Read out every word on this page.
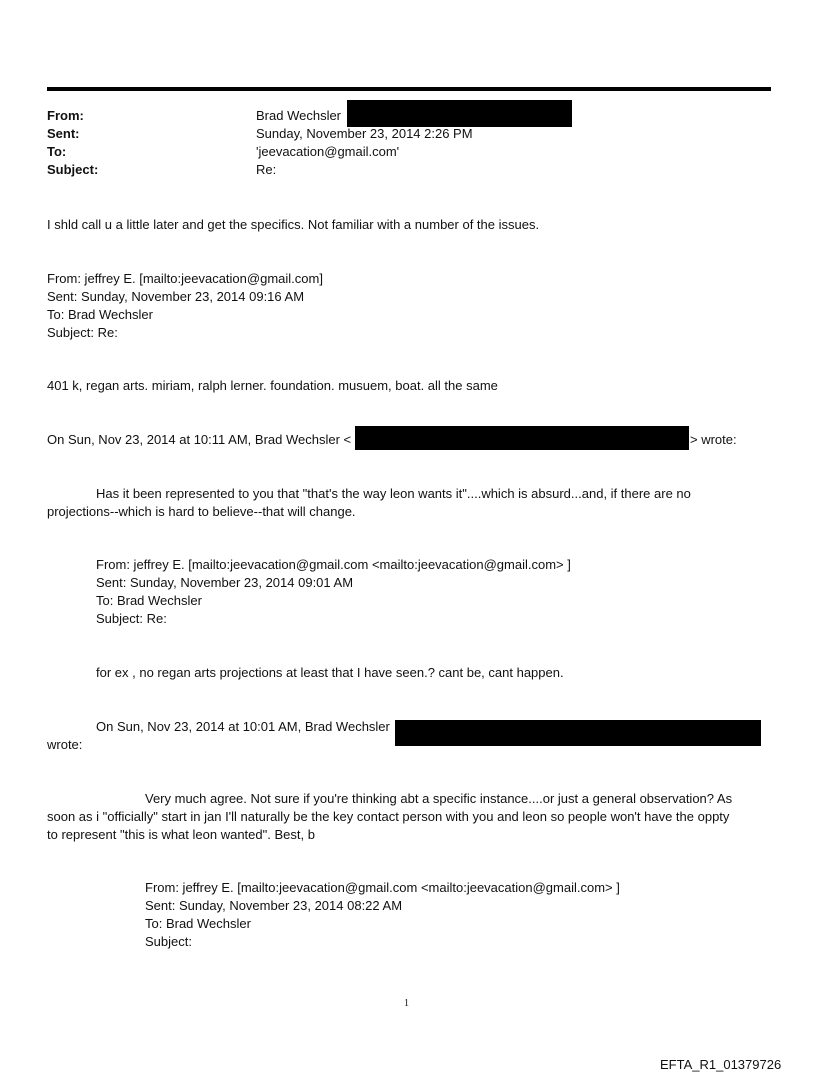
From:
Sent:
To:
Subject:
Brad Wechsler
Sunday, November 23, 2014 2:26 PM
'jeevacation@gmail.com'
Re:
I shld call u a little later and get the specifics. Not familiar with a number of the issues.
From: jeffrey E. [mailto:jeevacation@gmail.com]
Sent: Sunday, November 23, 2014 09:16 AM
To: Brad Wechsler
Subject: Re:
401 k, regan arts. miriam, ralph lerner. foundation. musuem, boat. all the same
On Sun, Nov 23, 2014 at 10:11 AM, Brad Wechsler <	> wrote:
Has it been represented to you that "that's the way leon wants it"....which is absurd...and, if there are no
projections--which is hard to believe--that will change.
From: jeffrey E. [mailto:jeevacation@gmail.com <mailto:jeevacation@gmail.com> ]
Sent: Sunday, November 23, 2014 09:01 AM
To: Brad Wechsler
Subject: Re:
for ex , no regan arts projections at least that I have seen.? cant be, cant happen.
On Sun, Nov 23, 2014 at 10:01 AM, Brad Wechsler
wrote:
Very much agree. Not sure if you're thinking abt a specific instance....or just a general observation? As
soon as i "officially" start in jan I'll naturally be the key contact person with you and leon so people won't have the oppty
to represent "this is what leon wanted". Best, b
From: jeffrey E. [mailto:jeevacation@gmail.com <mailto:jeevacation@gmail.com> ]
Sent: Sunday, November 23, 2014 08:22 AM
To: Brad Wechsler
Subject:
1
EFTA_R1_01379726
